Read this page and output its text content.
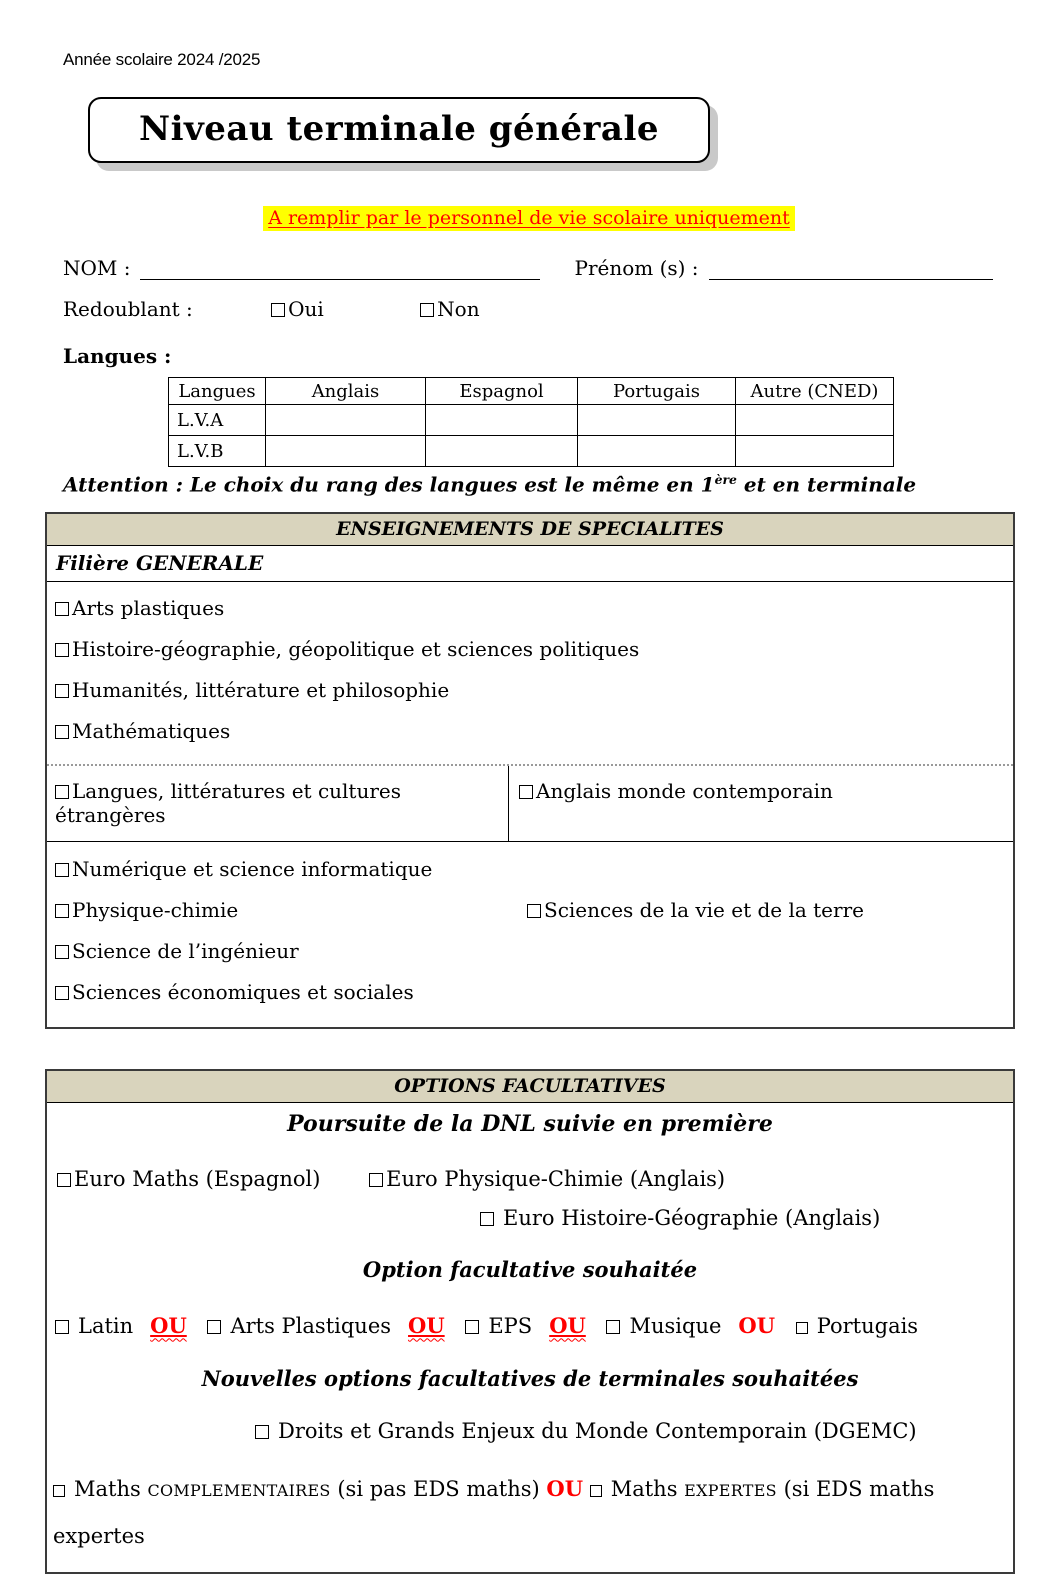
Année scolaire 2024 /2025
Niveau terminale générale
A remplir par le personnel de vie scolaire uniquement
NOM :	Prénom (s) :
Redoublant :	Oui	Non
Langues :
Langues	Anglais	Espagnol	Portugais	Autre (CNED)
L.V.A				
L.V.B				
Attention : Le choix du rang des langues est le même en 1ère et en terminale
ENSEIGNEMENTS DE SPECIALITES
Filière GENERALE
Arts plastiques
Histoire-géographie, géopolitique et sciences politiques
Humanités, littérature et philosophie
Mathématiques
Langues, littératures et cultures étrangères
Anglais monde contemporain
Numérique et science informatique
Physique-chimie	Sciences de la vie et de la terre
Science de l’ingénieur
Sciences économiques et sociales
OPTIONS FACULTATIVES
Poursuite de la DNL suivie en première
Euro Maths (Espagnol)	Euro Physique-Chimie (Anglais)
Euro Histoire-Géographie (Anglais)
Option facultative souhaitée
Latin OU Arts Plastiques OU EPS OU Musique OU Portugais
Nouvelles options facultatives de terminales souhaitées
Droits et Grands Enjeux du Monde Contemporain (DGEMC)
Maths COMPLEMENTAIRES (si pas EDS maths) OU Maths EXPERTES (si EDS maths expertes
